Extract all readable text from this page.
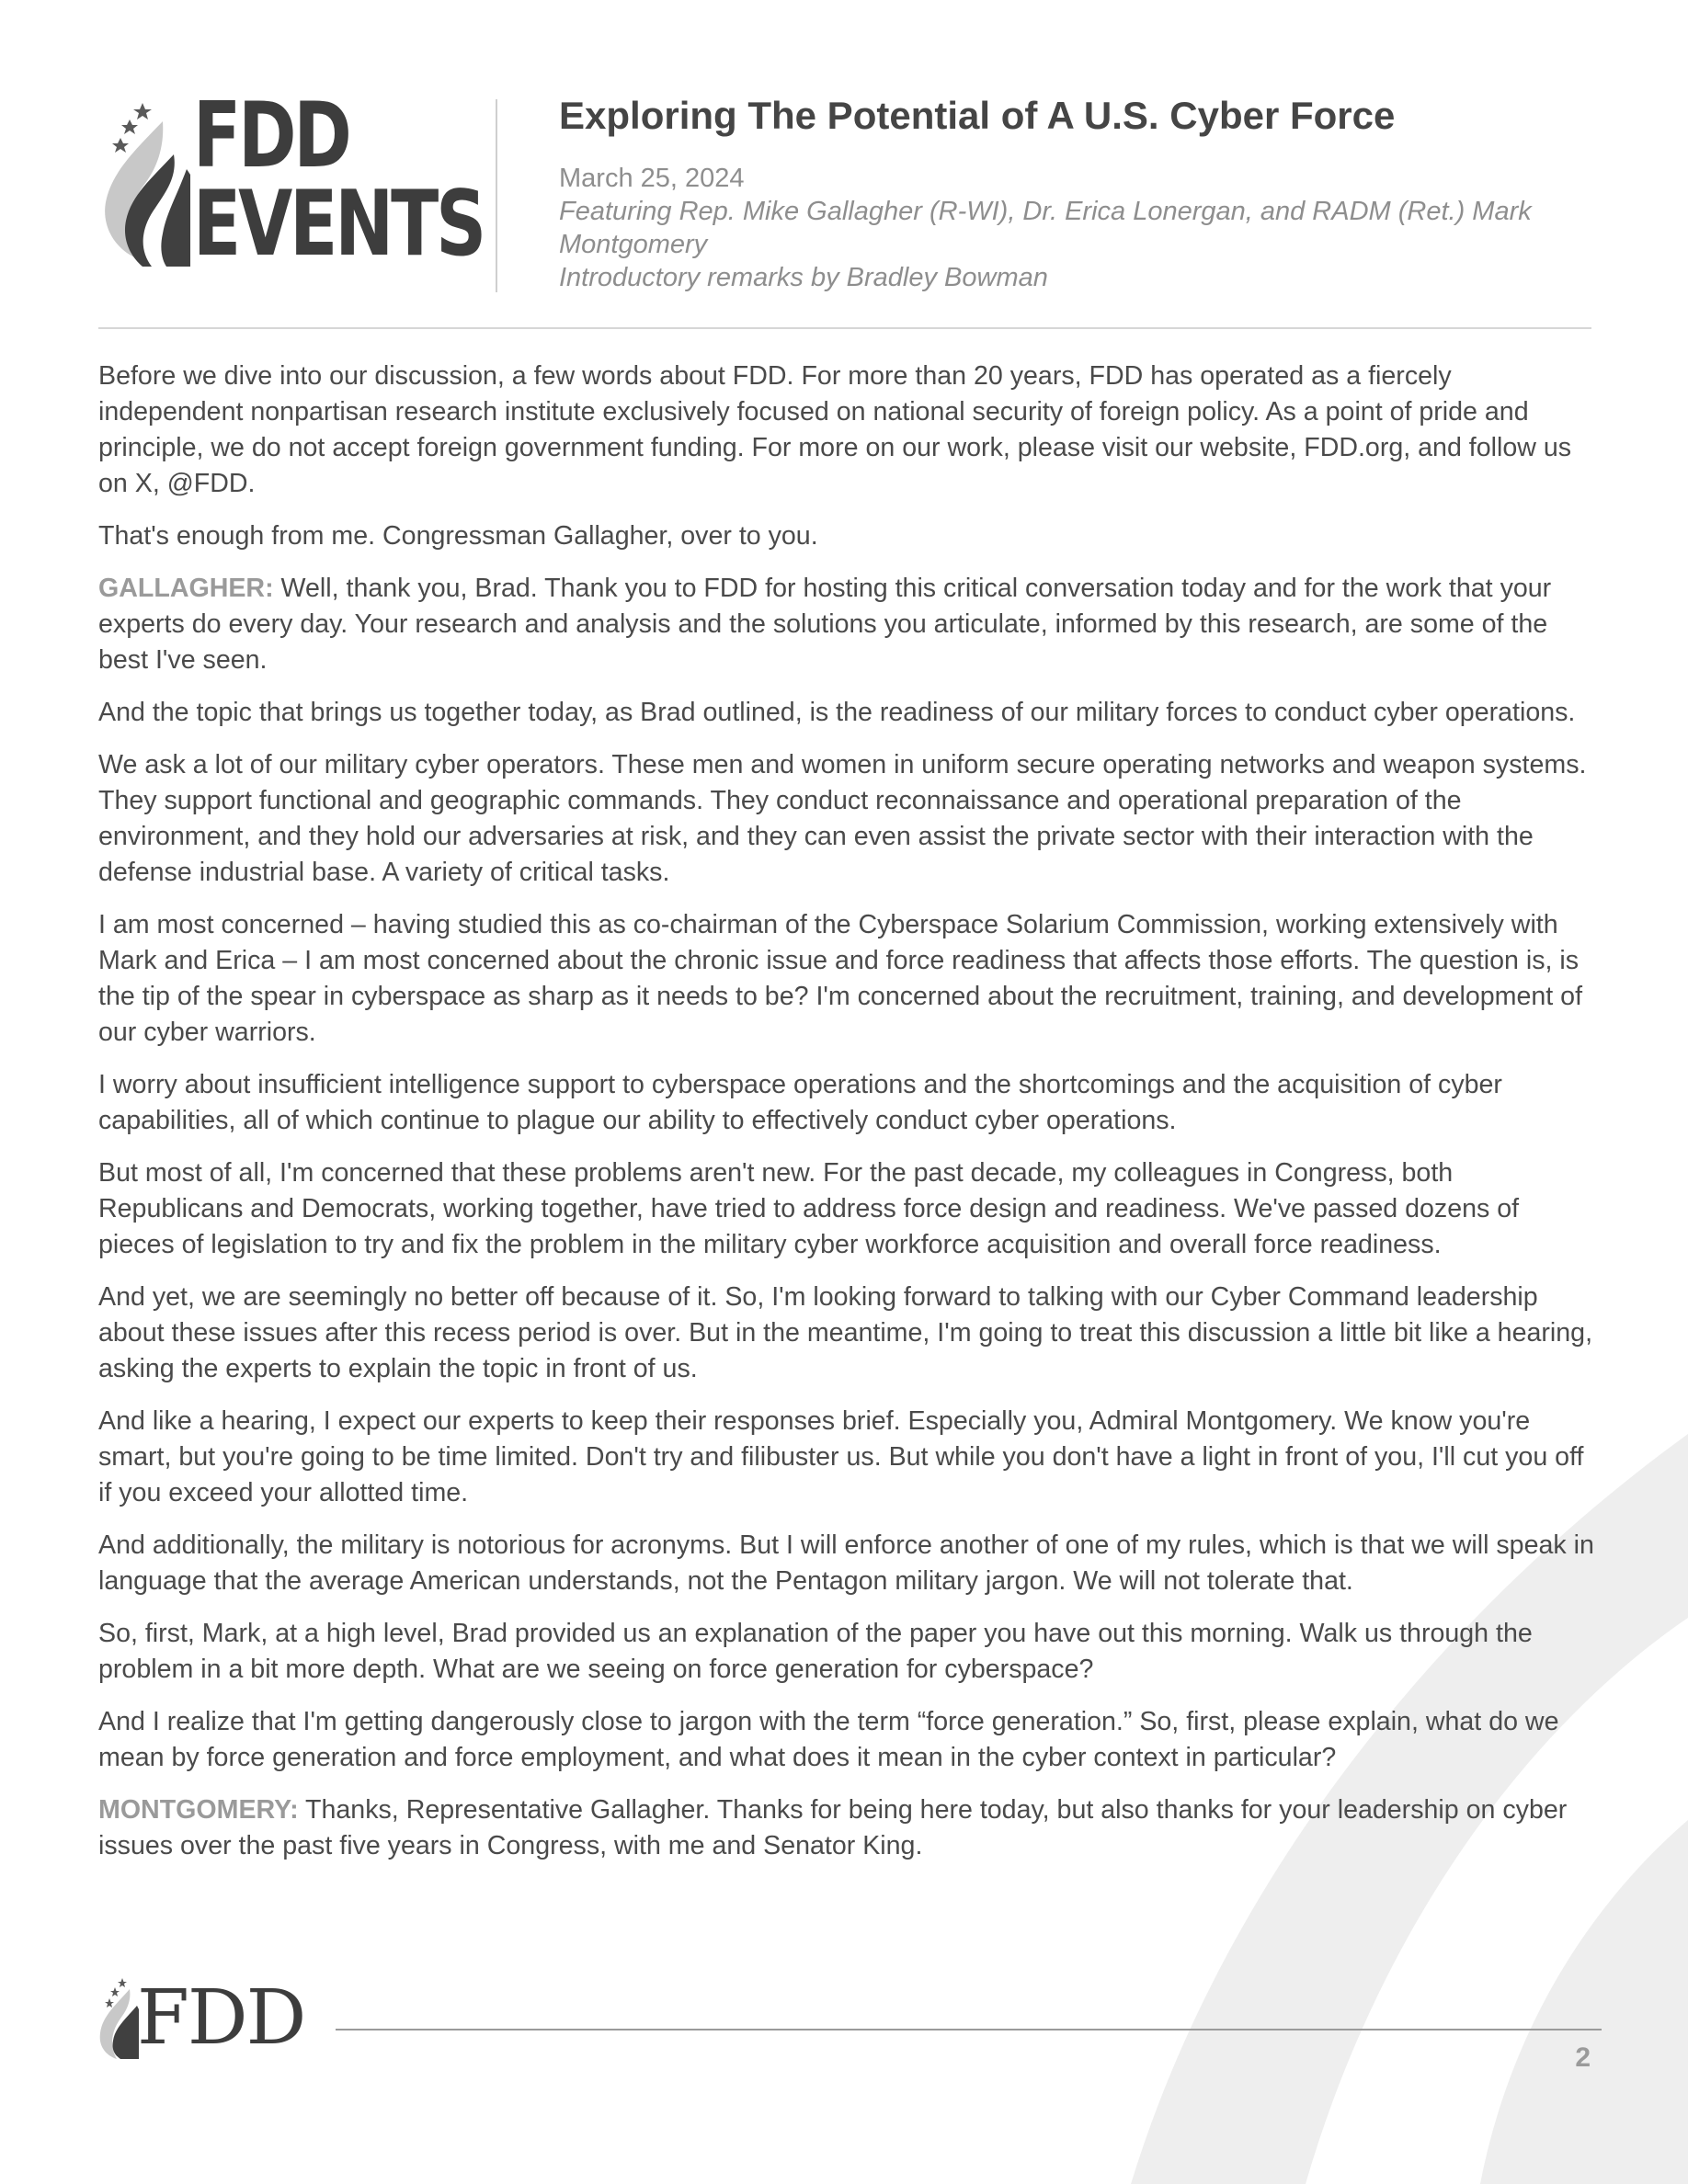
FDD
EVENTS
Exploring The Potential of A U.S. Cyber Force
March 25, 2024
Featuring Rep. Mike Gallagher (R-WI), Dr. Erica Lonergan, and RADM (Ret.) Mark Montgomery
Introductory remarks by Bradley Bowman

Before we dive into our discussion, a few words about FDD. For more than 20 years, FDD has operated as a fiercely independent nonpartisan research institute exclusively focused on national security of foreign policy. As a point of pride and principle, we do not accept foreign government funding. For more on our work, please visit our website, FDD.org, and follow us on X, @FDD.

That's enough from me. Congressman Gallagher, over to you.

GALLAGHER: Well, thank you, Brad. Thank you to FDD for hosting this critical conversation today and for the work that your experts do every day. Your research and analysis and the solutions you articulate, informed by this research, are some of the best I've seen.

And the topic that brings us together today, as Brad outlined, is the readiness of our military forces to conduct cyber operations.

We ask a lot of our military cyber operators. These men and women in uniform secure operating networks and weapon systems. They support functional and geographic commands. They conduct reconnaissance and operational preparation of the environment, and they hold our adversaries at risk, and they can even assist the private sector with their interaction with the defense industrial base. A variety of critical tasks.

I am most concerned – having studied this as co-chairman of the Cyberspace Solarium Commission, working extensively with Mark and Erica – I am most concerned about the chronic issue and force readiness that affects those efforts. The question is, is the tip of the spear in cyberspace as sharp as it needs to be? I'm concerned about the recruitment, training, and development of our cyber warriors.

I worry about insufficient intelligence support to cyberspace operations and the shortcomings and the acquisition of cyber capabilities, all of which continue to plague our ability to effectively conduct cyber operations.

But most of all, I'm concerned that these problems aren't new. For the past decade, my colleagues in Congress, both Republicans and Democrats, working together, have tried to address force design and readiness. We've passed dozens of pieces of legislation to try and fix the problem in the military cyber workforce acquisition and overall force readiness.

And yet, we are seemingly no better off because of it. So, I'm looking forward to talking with our Cyber Command leadership about these issues after this recess period is over. But in the meantime, I'm going to treat this discussion a little bit like a hearing, asking the experts to explain the topic in front of us.

And like a hearing, I expect our experts to keep their responses brief. Especially you, Admiral Montgomery. We know you're smart, but you're going to be time limited. Don't try and filibuster us. But while you don't have a light in front of you, I'll cut you off if you exceed your allotted time.

And additionally, the military is notorious for acronyms. But I will enforce another of one of my rules, which is that we will speak in language that the average American understands, not the Pentagon military jargon. We will not tolerate that.

So, first, Mark, at a high level, Brad provided us an explanation of the paper you have out this morning. Walk us through the problem in a bit more depth. What are we seeing on force generation for cyberspace?

And I realize that I'm getting dangerously close to jargon with the term “force generation.” So, first, please explain, what do we mean by force generation and force employment, and what does it mean in the cyber context in particular?

MONTGOMERY: Thanks, Representative Gallagher. Thanks for being here today, but also thanks for your leadership on cyber issues over the past five years in Congress, with me and Senator King.

FDD	2
